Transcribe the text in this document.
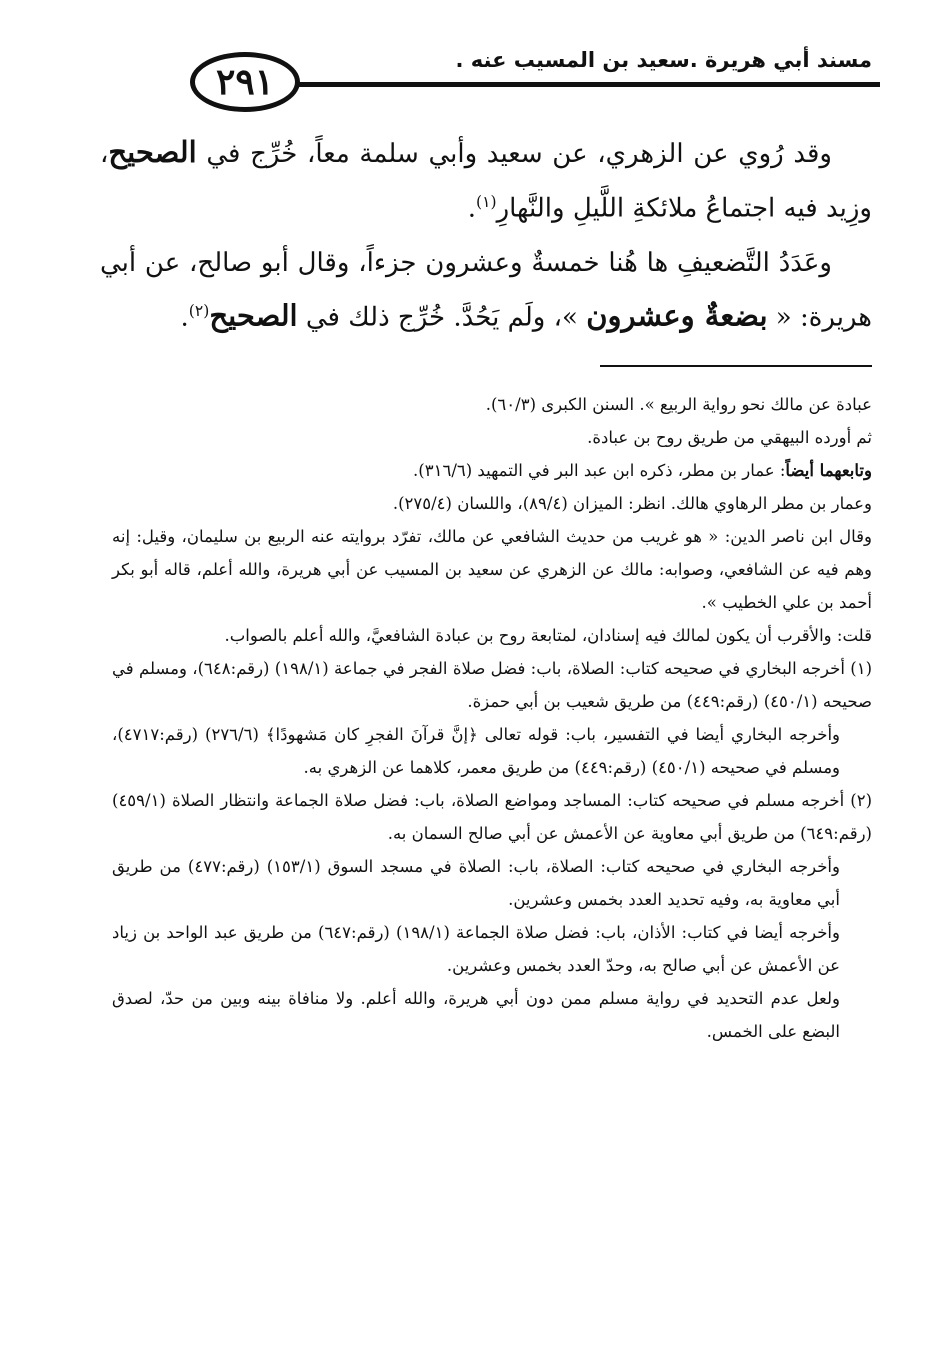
مسند أبي هريرة .سعيد بن المسيب عنه .
٢٩١

وقد رُوي عن الزهري، عن سعيد وأبي سلمة معاً، خُرِّج في الصحيح، وزِيد فيه اجتماعُ ملائكةِ اللَّيلِ والنَّهارِ$^{(١)}$.

وعَدَدُ التَّضعيفِ ها هُنا خمسةٌ وعشرون جزءاً، وقال أبو صالح، عن أبي هريرة: « بضعةٌ وعشرون »، ولَم يَحُدَّ. خُرِّج ذلك في الصحيح$^{(٢)}$.

عبادة عن مالك نحو رواية الربيع ». السنن الكبرى (٦٠/٣).

ثم أورده البيهقي من طريق روح بن عبادة.

وتابعهما أيضاً: عمار بن مطر، ذكره ابن عبد البر في التمهيد (٣١٦/٦).

وعمار بن مطر الرهاوي هالك. انظر: الميزان (٨٩/٤)، واللسان (٢٧٥/٤).

وقال ابن ناصر الدين: « هو غريب من حديث الشافعي عن مالك، تفرّد بروايته عنه الربيع بن سليمان، وقيل: إنه وهم فيه عن الشافعي، وصوابه: مالك عن الزهري عن سعيد بن المسيب عن أبي هريرة، والله أعلم، قاله أبو بكر أحمد بن علي الخطيب ».

قلت: والأقرب أن يكون لمالك فيه إسنادان، لمتابعة روح بن عبادة الشافعيَّ، والله أعلم بالصواب.

(١) أخرجه البخاري في صحيحه كتاب: الصلاة، باب: فضل صلاة الفجر في جماعة (١٩٨/١) (رقم:٦٤٨)، ومسلم في صحيحه (٤٥٠/١) (رقم:٤٤٩) من طريق شعيب بن أبي حمزة.

وأخرجه البخاري أيضا في التفسير، باب: قوله تعالى ﴿إنَّ قرآنَ الفجرِ كان مَشهودًا﴾ (٢٧٦/٦) (رقم:٤٧١٧)، ومسلم في صحيحه (٤٥٠/١) (رقم:٤٤٩) من طريق معمر، كلاهما عن الزهري به.

(٢) أخرجه مسلم في صحيحه كتاب: المساجد ومواضع الصلاة، باب: فضل صلاة الجماعة وانتظار الصلاة (٤٥٩/١) (رقم:٦٤٩) من طريق أبي معاوية عن الأعمش عن أبي صالح السمان به.

وأخرجه البخاري في صحيحه كتاب: الصلاة، باب: الصلاة في مسجد السوق (١٥٣/١) (رقم:٤٧٧) من طريق أبي معاوية به، وفيه تحديد العدد بخمس وعشرين.

وأخرجه أيضا في كتاب: الأذان، باب: فضل صلاة الجماعة (١٩٨/١) (رقم:٦٤٧) من طريق عبد الواحد بن زياد عن الأعمش عن أبي صالح به، وحدّ العدد بخمس وعشرين.

ولعل عدم التحديد في رواية مسلم ممن دون أبي هريرة، والله أعلم. ولا منافاة بينه وبين من حدّ، لصدق البضع على الخمس.
